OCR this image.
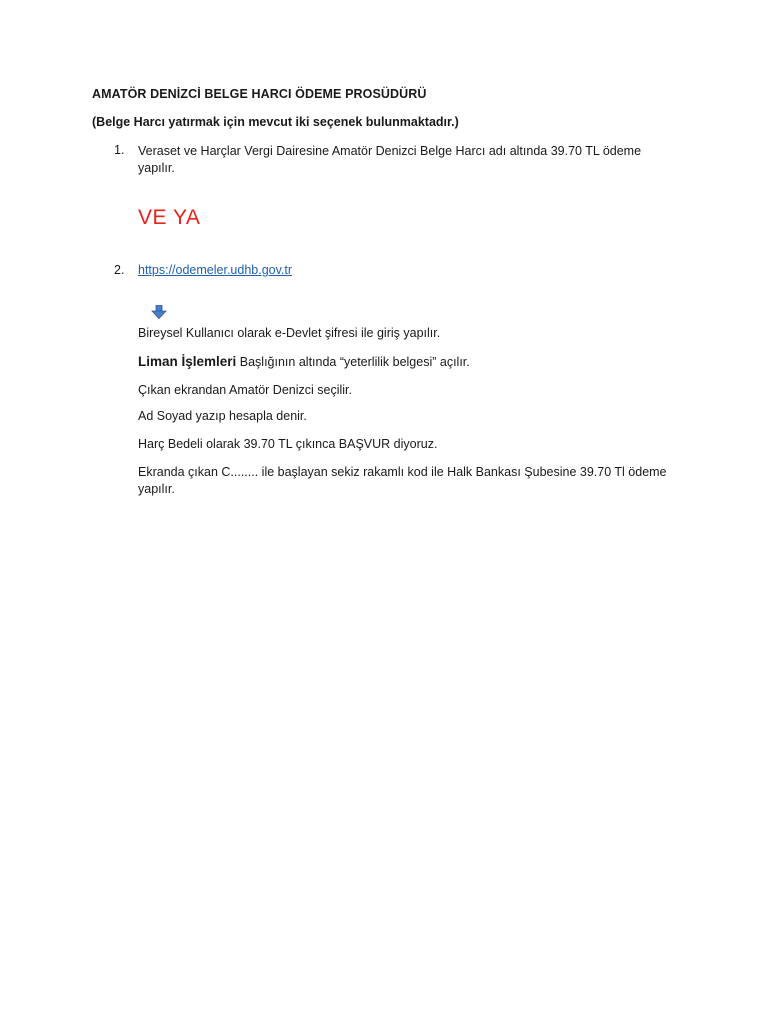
AMATÖR DENİZCİ BELGE HARCI ÖDEME PROSÜDÜRÜ
(Belge Harcı yatırmak için mevcut iki seçenek bulunmaktadır.)
1. Veraset ve Harçlar Vergi Dairesine Amatör Denizci Belge Harcı adı altında 39.70 TL ödeme yapılır.
VE YA
2. https://odemeler.udhb.gov.tr
Bireysel Kullanıcı olarak e-Devlet şifresi ile giriş yapılır.
Liman İşlemleri Başlığının altında “yeterlilik belgesi” açılır.
Çıkan ekrandan Amatör Denizci seçilir.
Ad Soyad yazıp hesapla denir.
Harç Bedeli olarak 39.70 TL çıkınca BAŞVUR diyoruz.
Ekranda çıkan C........ ile başlayan sekiz rakamlı kod ile Halk Bankası Şubesine 39.70 Tl ödeme yapılır.
